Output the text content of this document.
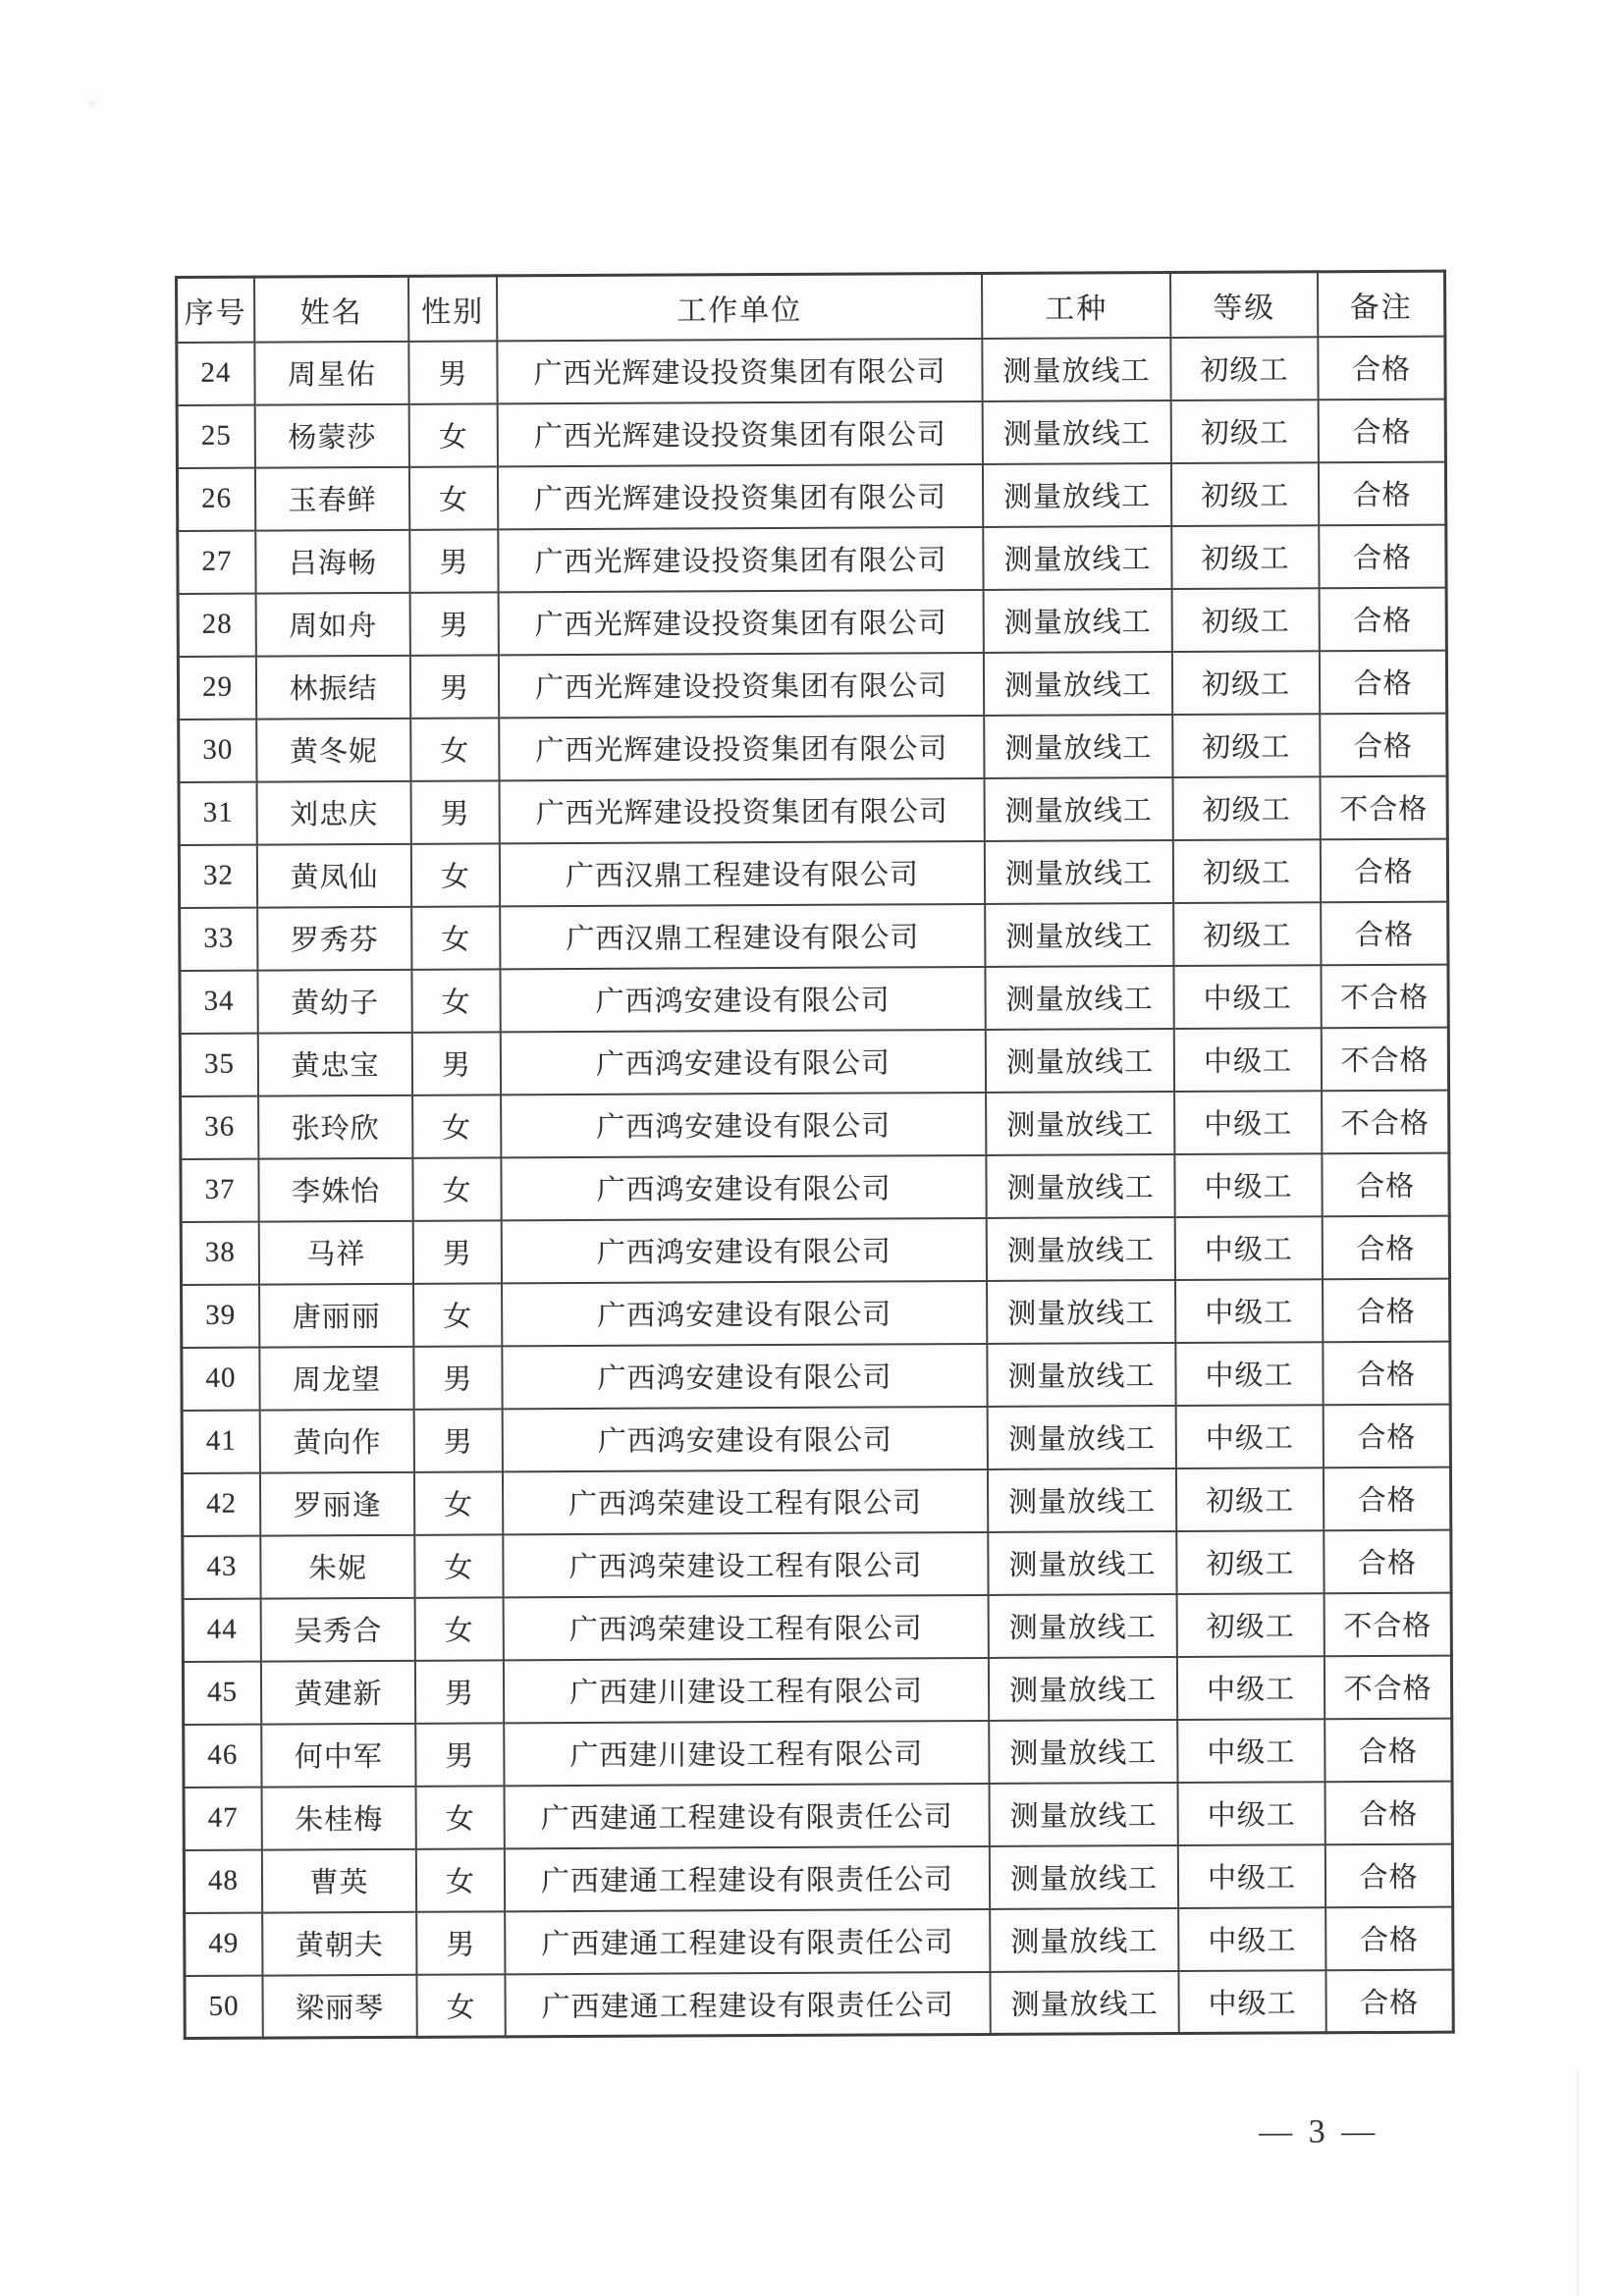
序号	姓名	性别	工作单位	工种	等级	备注
24	周星佑	男	广西光辉建设投资集团有限公司	测量放线工	初级工	合格
25	杨蒙莎	女	广西光辉建设投资集团有限公司	测量放线工	初级工	合格
26	玉春鲜	女	广西光辉建设投资集团有限公司	测量放线工	初级工	合格
27	吕海畅	男	广西光辉建设投资集团有限公司	测量放线工	初级工	合格
28	周如舟	男	广西光辉建设投资集团有限公司	测量放线工	初级工	合格
29	林振结	男	广西光辉建设投资集团有限公司	测量放线工	初级工	合格
30	黄冬妮	女	广西光辉建设投资集团有限公司	测量放线工	初级工	合格
31	刘忠庆	男	广西光辉建设投资集团有限公司	测量放线工	初级工	不合格
32	黄凤仙	女	广西汉鼎工程建设有限公司	测量放线工	初级工	合格
33	罗秀芬	女	广西汉鼎工程建设有限公司	测量放线工	初级工	合格
34	黄幼子	女	广西鸿安建设有限公司	测量放线工	中级工	不合格
35	黄忠宝	男	广西鸿安建设有限公司	测量放线工	中级工	不合格
36	张玲欣	女	广西鸿安建设有限公司	测量放线工	中级工	不合格
37	李姝怡	女	广西鸿安建设有限公司	测量放线工	中级工	合格
38	马祥	男	广西鸿安建设有限公司	测量放线工	中级工	合格
39	唐丽丽	女	广西鸿安建设有限公司	测量放线工	中级工	合格
40	周龙望	男	广西鸿安建设有限公司	测量放线工	中级工	合格
41	黄向作	男	广西鸿安建设有限公司	测量放线工	中级工	合格
42	罗丽逢	女	广西鸿荣建设工程有限公司	测量放线工	初级工	合格
43	朱妮	女	广西鸿荣建设工程有限公司	测量放线工	初级工	合格
44	吴秀合	女	广西鸿荣建设工程有限公司	测量放线工	初级工	不合格
45	黄建新	男	广西建川建设工程有限公司	测量放线工	中级工	不合格
46	何中军	男	广西建川建设工程有限公司	测量放线工	中级工	合格
47	朱桂梅	女	广西建通工程建设有限责任公司	测量放线工	中级工	合格
48	曹英	女	广西建通工程建设有限责任公司	测量放线工	中级工	合格
49	黄朝夫	男	广西建通工程建设有限责任公司	测量放线工	中级工	合格
50	梁丽琴	女	广西建通工程建设有限责任公司	测量放线工	中级工	合格
— 3 —
